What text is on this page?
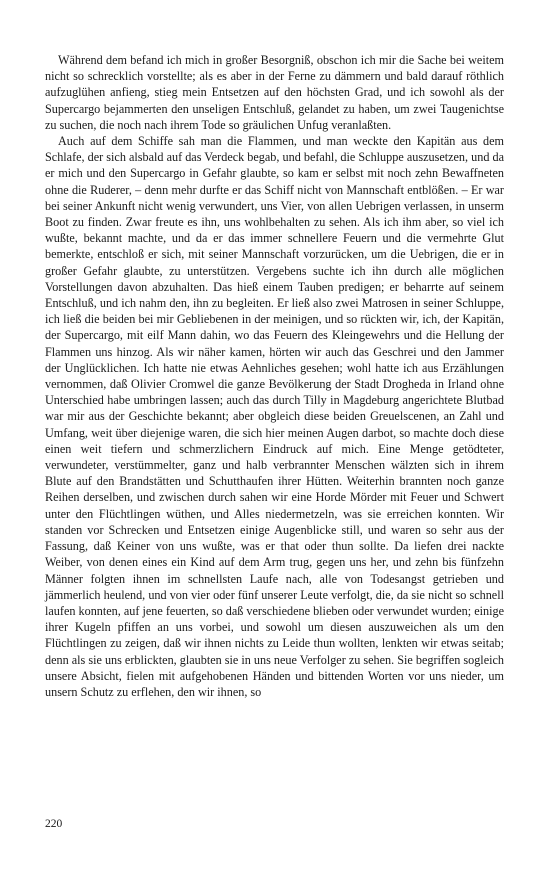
Während dem befand ich mich in großer Besorgniß, obschon ich mir die Sache bei weitem nicht so schrecklich vorstellte; als es aber in der Ferne zu dämmern und bald darauf röthlich aufzuglühen anfieng, stieg mein Entsetzen auf den höchsten Grad, und ich sowohl als der Supercargo bejammerten den unseligen Entschluß, gelandet zu haben, um zwei Taugenichtse zu suchen, die noch nach ihrem Tode so gräulichen Unfug veranlaßten.

Auch auf dem Schiffe sah man die Flammen, und man weckte den Kapitän aus dem Schlafe, der sich alsbald auf das Verdeck begab, und befahl, die Schluppe auszusetzen, und da er mich und den Supercargo in Gefahr glaubte, so kam er selbst mit noch zehn Bewaffneten ohne die Ruderer, – denn mehr durfte er das Schiff nicht von Mannschaft entblößen. – Er war bei seiner Ankunft nicht wenig verwundert, uns Vier, von allen Uebrigen verlassen, in unserm Boot zu finden. Zwar freute es ihn, uns wohlbehalten zu sehen. Als ich ihm aber, so viel ich wußte, bekannt machte, und da er das immer schnellere Feuern und die vermehrte Glut bemerkte, entschloß er sich, mit seiner Mannschaft vorzurücken, um die Uebrigen, die er in großer Gefahr glaubte, zu unterstützen. Vergebens suchte ich ihn durch alle möglichen Vorstellungen davon abzuhalten. Das hieß einem Tauben predigen; er beharrte auf seinem Entschluß, und ich nahm den, ihn zu begleiten. Er ließ also zwei Matrosen in seiner Schluppe, ich ließ die beiden bei mir Gebliebenen in der meinigen, und so rückten wir, ich, der Kapitän, der Supercargo, mit eilf Mann dahin, wo das Feuern des Kleingewehrs und die Hellung der Flammen uns hinzog. Als wir näher kamen, hörten wir auch das Geschrei und den Jammer der Unglücklichen. Ich hatte nie etwas Aehnliches gesehen; wohl hatte ich aus Erzählungen vernommen, daß Olivier Cromwel die ganze Bevölkerung der Stadt Drogheda in Irland ohne Unterschied habe umbringen lassen; auch das durch Tilly in Magdeburg angerichtete Blutbad war mir aus der Geschichte bekannt; aber obgleich diese beiden Greuelscenen, an Zahl und Umfang, weit über diejenige waren, die sich hier meinen Augen darbot, so machte doch diese einen weit tiefern und schmerzlichern Eindruck auf mich. Eine Menge getödteter, verwundeter, verstümmelter, ganz und halb verbrannter Menschen wälzten sich in ihrem Blute auf den Brandstätten und Schutthaufen ihrer Hütten. Weiterhin brannten noch ganze Reihen derselben, und zwischen durch sahen wir eine Horde Mörder mit Feuer und Schwert unter den Flüchtlingen wüthen, und Alles niedermetzeln, was sie erreichen konnten. Wir standen vor Schrecken und Entsetzen einige Augenblicke still, und waren so sehr aus der Fassung, daß Keiner von uns wußte, was er that oder thun sollte. Da liefen drei nackte Weiber, von denen eines ein Kind auf dem Arm trug, gegen uns her, und zehn bis fünfzehn Männer folgten ihnen im schnellsten Laufe nach, alle von Todesangst getrieben und jämmerlich heulend, und von vier oder fünf unserer Leute verfolgt, die, da sie nicht so schnell laufen konnten, auf jene feuerten, so daß verschiedene blieben oder verwundet wurden; einige ihrer Kugeln pfiffen an uns vorbei, und sowohl um diesen auszuweichen als um den Flüchtlingen zu zeigen, daß wir ihnen nichts zu Leide thun wollten, lenkten wir etwas seitab; denn als sie uns erblickten, glaubten sie in uns neue Verfolger zu sehen. Sie begriffen sogleich unsere Absicht, fielen mit aufgehobenen Händen und bittenden Worten vor uns nieder, um unsern Schutz zu erflehen, den wir ihnen, so

220
